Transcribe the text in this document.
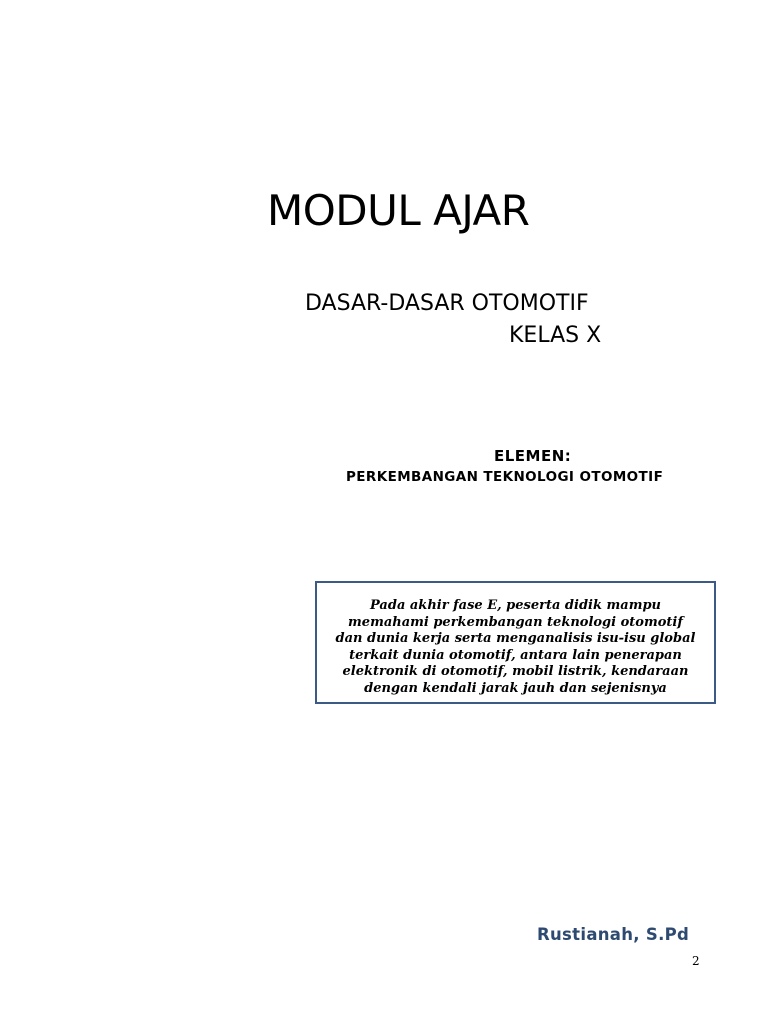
MODUL AJAR

DASAR-DASAR OTOMOTIF

KELAS X

ELEMEN:

PERKEMBANGAN TEKNOLOGI OTOMOTIF

Pada akhir fase E, peserta didik mampu memahami perkembangan teknologi otomotif dan dunia kerja serta menganalisis isu-isu global terkait dunia otomotif, antara lain penerapan elektronik di otomotif, mobil listrik, kendaraan dengan kendali jarak jauh dan sejenisnya

Rustianah, S.Pd

2
